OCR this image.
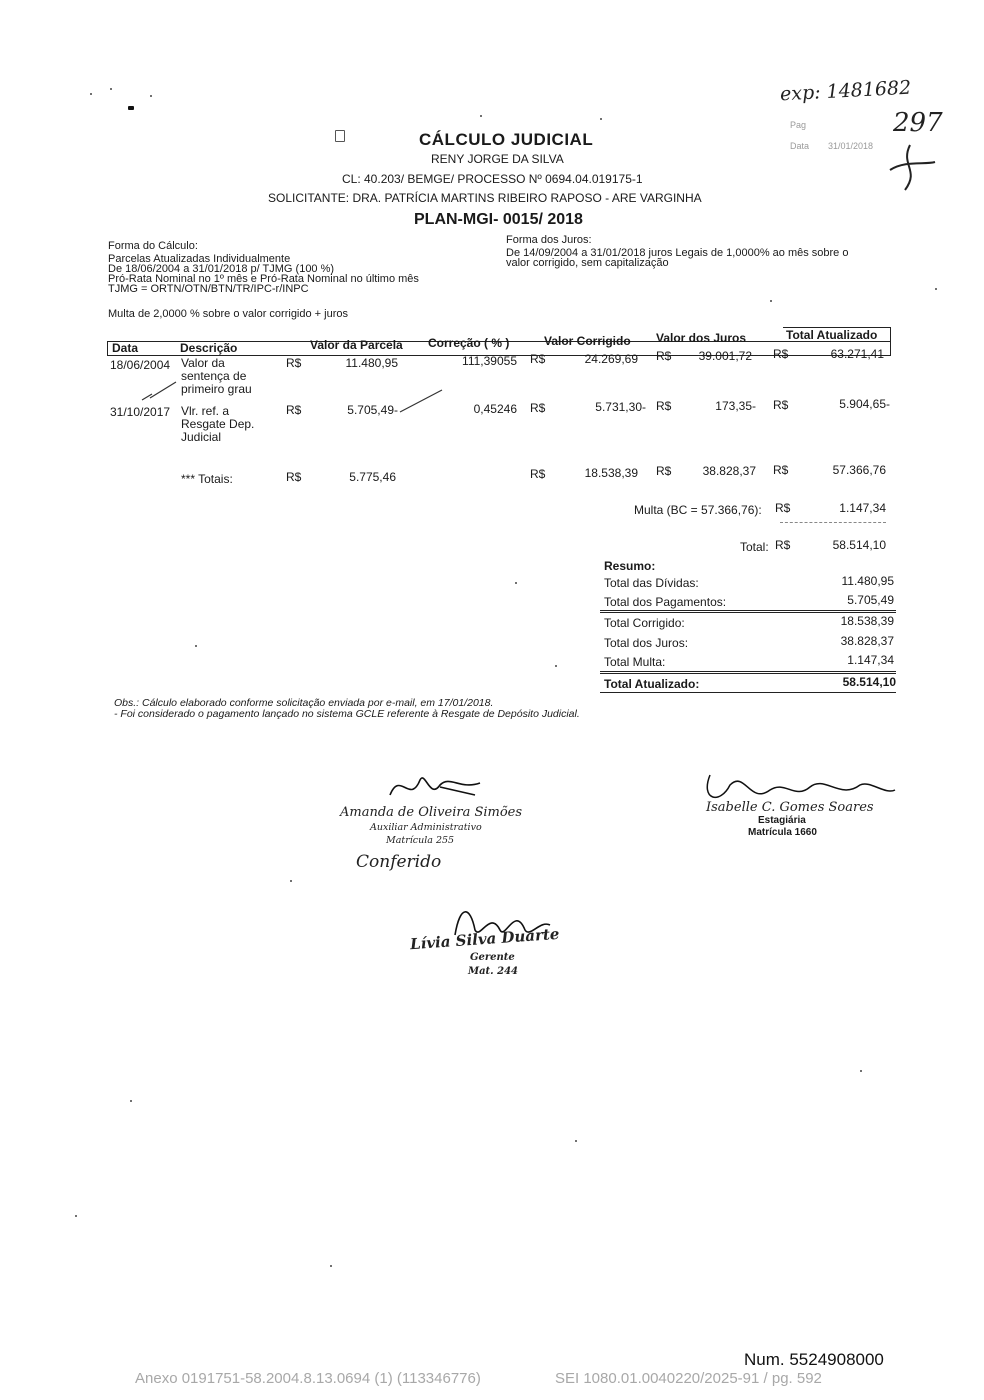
exp: 1481682
Pag	297
Data 31/01/2018
CÁLCULO JUDICIAL
RENY JORGE DA SILVA
CL: 40.203/ BEMGE/ PROCESSO Nº 0694.04.019175-1
SOLICITANTE: DRA. PATRÍCIA MARTINS RIBEIRO RAPOSO - ARE VARGINHA
PLAN-MGI- 0015/ 2018
Forma do Cálculo:
Parcelas Atualizadas Individualmente
De 18/06/2004 a 31/01/2018 p/ TJMG (100 %)
Pró-Rata Nominal no 1º mês e Pró-Rata Nominal no último mês
TJMG = ORTN/OTN/BTN/TR/IPC-r/INPC
Multa de 2,0000 % sobre o valor corrigido + juros
Forma dos Juros:
De 14/09/2004 a 31/01/2018 juros Legais de 1,0000% ao mês sobre o
valor corrigido, sem capitalização
Data	Descrição	Valor da Parcela Correção ( % )	Valor Corrigido Valor dos Juros	Total Atualizado
18/06/2004 Valor da
sentença de
primeiro grau
R$	11.480,95	111,39055 R$	24.269,69 R$	39.001,72 R$	63.271,41
31/10/2017 Vlr. ref. a
Resgate Dep.
Judicial
R$	5.705,49-	0,45246 R$	5.731,30- R$	173,35- R$	5.904,65-
*** Totais:	R$	5.775,46	R$	18.538,39 R$	38.828,37 R$	57.366,76
Multa (BC = 57.366,76): R$	1.147,34
Total: R$	58.514,10
Resumo:
Total das Dívidas:	11.480,95
Total dos Pagamentos:	5.705,49
Total Corrigido:	18.538,39
Total dos Juros:	38.828,37
Total Multa:	1.147,34
Total Atualizado:	58.514,10
Obs.: Cálculo elaborado conforme solicitação enviada por e-mail, em 17/01/2018.
- Foi considerado o pagamento lançado no sistema GCLE referente à Resgate de Depósito Judicial.
Amanda de Oliveira Simões
Auxiliar Administrativo
Matrícula 255
Conferido
Isabelle C. Gomes Soares
Estagiária
Matrícula 1660
Lívia Silva Duarte
Gerente
Mat. 244
Num. 5524908000
Anexo 0191751-58.2004.8.13.0694 (1) (113346776)	SEI 1080.01.0040220/2025-91 / pg. 592
